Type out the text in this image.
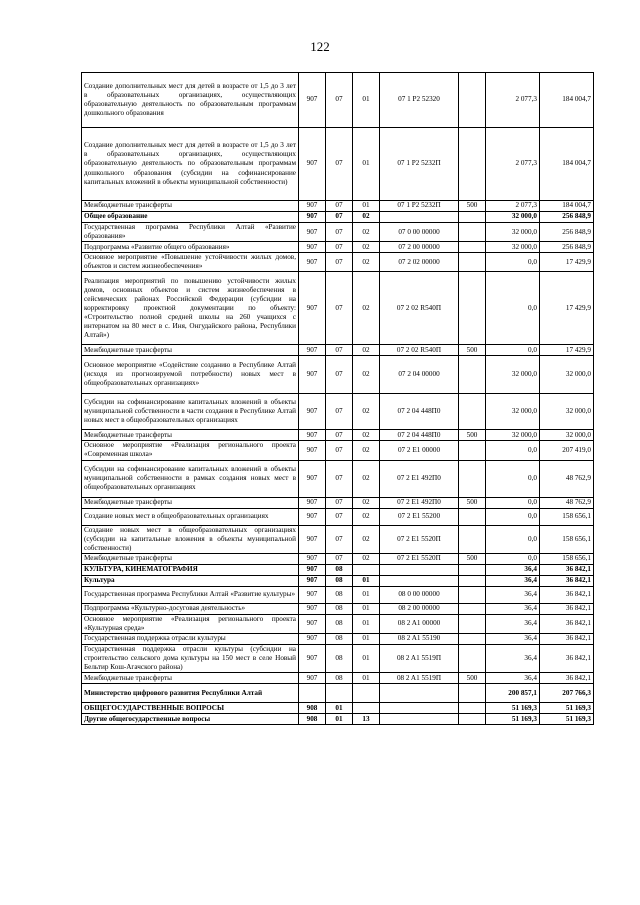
122
Создание дополнительных мест для детей в возрасте от 1,5 до 3 лет в образовательных организациях, осуществляющих образовательную деятельность по образовательным программам дошкольного образования	907	07	01	07 1 P2 52320		2 077,3	184 004,7
Создание дополнительных мест для детей в возрасте от 1,5 до 3 лет в образовательных организациях, осуществляющих образовательную деятельность по образовательным программам дошкольного образования (субсидии на софинансирование капитальных вложений в объекты муниципальной собственности)	907	07	01	07 1 P2 5232П		2 077,3	184 004,7
Межбюджетные трансферты	907	07	01	07 1 P2 5232П	500	2 077,3	184 004,7
Общее образование	907	07	02			32 000,0	256 848,9
Государственная программа Республики Алтай «Развитие образования»	907	07	02	07 0 00 00000		32 000,0	256 848,9
Подпрограмма «Развитие общего образования»	907	07	02	07 2 00 00000		32 000,0	256 848,9
Основное мероприятие «Повышение устойчивости жилых домов, объектов и систем жизнеобеспечения»	907	07	02	07 2 02 00000		0,0	17 429,9
Реализация мероприятий по повышению устойчивости жилых домов, основных объектов и систем жизнеобеспечения в сейсмических районах Российской Федерации (субсидии на корректировку проектной документации по объекту: «Строительство полной средней школы на 260 учащихся с интернатом на 80 мест в с. Иня, Онгудайского района, Республики Алтай»)	907	07	02	07 2 02 R540П		0,0	17 429,9
Межбюджетные трансферты	907	07	02	07 2 02 R540П	500	0,0	17 429,9
Основное мероприятие «Содействие созданию в Республике Алтай (исходя из прогнозируемой потребности) новых мест в общеобразовательных организациях»	907	07	02	07 2 04 00000		32 000,0	32 000,0
Субсидии на софинансирование капитальных вложений в объекты муниципальной собственности в части создания в Республике Алтай новых мест в общеобразовательных организациях	907	07	02	07 2 04 448П0		32 000,0	32 000,0
Межбюджетные трансферты	907	07	02	07 2 04 448П0	500	32 000,0	32 000,0
Основное мероприятие «Реализация регионального проекта «Современная школа»	907	07	02	07 2 E1 00000		0,0	207 419,0
Субсидии на софинансирование капитальных вложений в объекты муниципальной собственности в рамках создания новых мест в общеобразовательных организациях	907	07	02	07 2 E1 492П0		0,0	48 762,9
Межбюджетные трансферты	907	07	02	07 2 E1 492П0	500	0,0	48 762,9
Создание новых мест в общеобразовательных организациях	907	07	02	07 2 E1 55200		0,0	158 656,1
Создание новых мест в общеобразовательных организациях (субсидии на капитальные вложения в объекты муниципальной собственности)	907	07	02	07 2 E1 5520П		0,0	158 656,1
Межбюджетные трансферты	907	07	02	07 2 E1 5520П	500	0,0	158 656,1
КУЛЬТУРА, КИНЕМАТОГРАФИЯ	907	08				36,4	36 842,1
Культура	907	08	01			36,4	36 842,1
Государственная программа Республики Алтай «Развитие культуры»	907	08	01	08 0 00 00000		36,4	36 842,1
Подпрограмма «Культурно-досуговая деятельность»	907	08	01	08 2 00 00000		36,4	36 842,1
Основное мероприятие «Реализация регионального проекта «Культурная среда»	907	08	01	08 2 A1 00000		36,4	36 842,1
Государственная поддержка отрасли культуры	907	08	01	08 2 A1 55190		36,4	36 842,1
Государственная поддержка отрасли культуры (субсидии на строительство сельского дома культуры на 150 мест в селе Новый Бельтир Кош-Агачского района)	907	08	01	08 2 A1 5519П		36,4	36 842,1
Межбюджетные трансферты	907	08	01	08 2 A1 5519П	500	36,4	36 842,1
Министерство цифрового развития Республики Алтай						200 857,1	207 766,3
ОБЩЕГОСУДАРСТВЕННЫЕ ВОПРОСЫ	908	01				51 169,3	51 169,3
Другие общегосударственные вопросы	908	01	13			51 169,3	51 169,3
